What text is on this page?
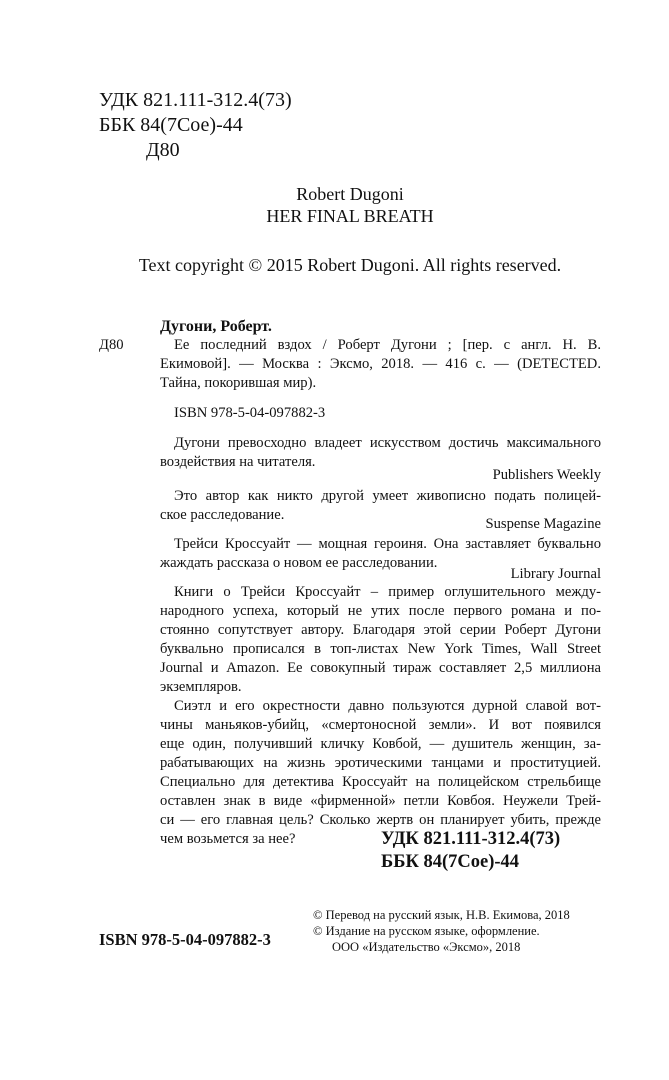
УДК 821.111-312.4(73)
ББК 84(7Сое)-44
Д80
Robert Dugoni
HER FINAL BREATH
Text copyright © 2015 Robert Dugoni. All rights reserved.
Дугони, Роберт.
Д80	Ее последний вздох / Роберт Дугони ; [пер. с англ. Н. В.
Екимовой]. — Москва : Эксмо, 2018. — 416 с. — (DETECTED.
Тайна, покорившая мир).
ISBN 978-5-04-097882-3
Дугони превосходно владеет искусством достичь максимального
воздействия на читателя.
Publishers Weekly
Это автор как никто другой умеет живописно подать полицей-
ское расследование.
Suspense Magazine
Трейси Кроссуайт — мощная героиня. Она заставляет буквально
жаждать рассказа о новом ее расследовании.
Library Journal
Книги о Трейси Кроссуайт – пример оглушительного между-
народного успеха, который не утих после первого романа и по-
стоянно сопутствует автору. Благодаря этой серии Роберт Дугони
буквально прописался в топ-листах New York Times, Wall Street
Journal и Amazon. Ее совокупный тираж составляет 2,5 миллиона
экземпляров.
Сиэтл и его окрестности давно пользуются дурной славой вот-
чины маньяков-убийц, «смертоносной земли». И вот появился
еще один, получивший кличку Ковбой, — душитель женщин, за-
рабатывающих на жизнь эротическими танцами и проституцией.
Специально для детектива Кроссуайт на полицейском стрельбище
оставлен знак в виде «фирменной» петли Ковбоя. Неужели Трей-
си — его главная цель? Сколько жертв он планирует убить, прежде
чем возьмется за нее?	УДК 821.111-312.4(73)
ББК 84(7Сое)-44
ISBN 978-5-04-097882-3
© Перевод на русский язык, Н.В. Екимова, 2018
© Издание на русском языке, оформление.
ООО «Издательство «Эксмо», 2018
